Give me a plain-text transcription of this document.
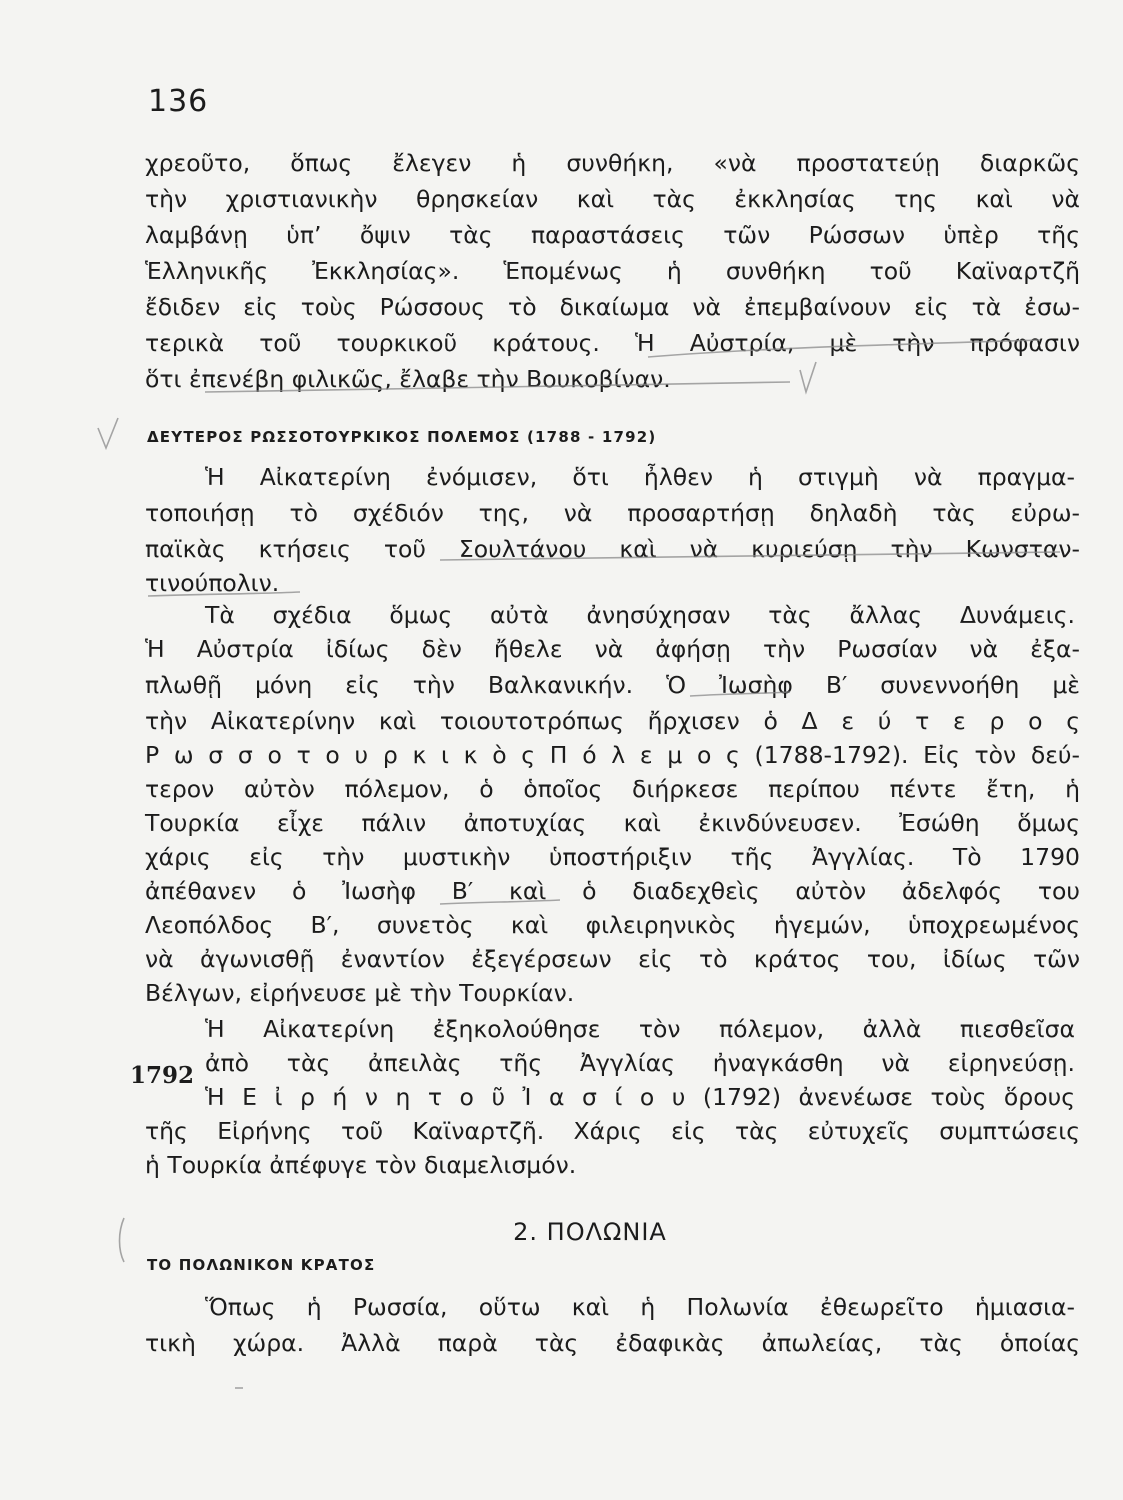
136
χρεοῦτο, ὅπως ἔλεγεν ἡ συνθήκη, «νὰ προστατεύῃ διαρκῶς
τὴν χριστιανικὴν θρησκείαν καὶ τὰς ἐκκλησίας της καὶ νὰ
λαμβάνῃ ὑπ’ ὄψιν τὰς παραστάσεις τῶν Ρώσσων ὑπὲρ τῆς
Ἑλληνικῆς Ἐκκλησίας». Ἑπομένως ἡ συνθήκη τοῦ Καϊναρτζῆ
ἔδιδεν εἰς τοὺς Ρώσσους τὸ δικαίωμα νὰ ἐπεμβαίνουν εἰς τὰ ἐσω-
τερικὰ τοῦ τουρκικοῦ κράτους. Ἡ Αὐστρία, μὲ τὴν πρόφασιν
ὅτι ἐπενέβη φιλικῶς, ἔλαβε τὴν Βουκοβίναν.
ΔΕΥΤΕΡΟΣ ΡΩΣΣΟΤΟΥΡΚΙΚΟΣ ΠΟΛΕΜΟΣ (1788 - 1792)
Ἡ Αἰκατερίνη ἐνόμισεν, ὅτι ἦλθεν ἡ στιγμὴ νὰ πραγμα-
τοποιήσῃ τὸ σχέδιόν της, νὰ προσαρτήσῃ δηλαδὴ τὰς εὐρω-
παϊκὰς κτήσεις τοῦ Σουλτάνου καὶ νὰ κυριεύσῃ τὴν Κωνσταν-
τινούπολιν.
Τὰ σχέδια ὅμως αὐτὰ ἀνησύχησαν τὰς ἄλλας Δυνάμεις.
Ἡ Αὐστρία ἰδίως δὲν ἤθελε νὰ ἀφήσῃ τὴν Ρωσσίαν νὰ ἐξα-
πλωθῇ μόνη εἰς τὴν Βαλκανικήν. Ὁ Ἰωσὴφ Β′ συνεννοήθη μὲ
τὴν Αἰκατερίνην καὶ τοιουτοτρόπως ἤρχισεν ὁ Δ ε ύ τ ε ρ ο ς
Ρ ω σ σ ο τ ο υ ρ κ ι κ ὸ ς Π ό λ ε μ ο ς (1788-1792). Εἰς τὸν δεύ-
τερον αὐτὸν πόλεμον, ὁ ὁποῖος διήρκεσε περίπου πέντε ἔτη, ἡ
Τουρκία εἶχε πάλιν ἀποτυχίας καὶ ἐκινδύνευσεν. Ἐσώθη ὅμως
χάρις εἰς τὴν μυστικὴν ὑποστήριξιν τῆς Ἀγγλίας. Τὸ 1790
ἀπέθανεν ὁ Ἰωσὴφ Β′ καὶ ὁ διαδεχθεὶς αὐτὸν ἀδελφός του
Λεοπόλδος Β′, συνετὸς καὶ φιλειρηνικὸς ἡγεμών, ὑποχρεωμένος
νὰ ἀγωνισθῇ ἐναντίον ἐξεγέρσεων εἰς τὸ κράτος του, ἰδίως τῶν
Βέλγων, εἰρήνευσε μὲ τὴν Τουρκίαν.
Ἡ Αἰκατερίνη ἐξηκολούθησε τὸν πόλεμον, ἀλλὰ πιεσθεῖσα
1792 ἀπὸ τὰς ἀπειλὰς τῆς Ἀγγλίας ἠναγκάσθη νὰ εἰρηνεύσῃ.
Ἡ Ε ἰ ρ ή ν η τ ο ῦ Ἰ α σ ί ο υ (1792) ἀνενέωσε τοὺς ὅρους
τῆς Εἰρήνης τοῦ Καϊναρτζῆ. Χάρις εἰς τὰς εὐτυχεῖς συμπτώσεις
ἡ Τουρκία ἀπέφυγε τὸν διαμελισμόν.
2. ΠΟΛΩΝΙΑ
ΤΟ ΠΟΛΩΝΙΚΟΝ ΚΡΑΤΟΣ
Ὅπως ἡ Ρωσσία, οὕτω καὶ ἡ Πολωνία ἐθεωρεῖτο ἡμιασια-
τικὴ χώρα. Ἀλλὰ παρὰ τὰς ἐδαφικὰς ἀπωλείας, τὰς ὁποίας
